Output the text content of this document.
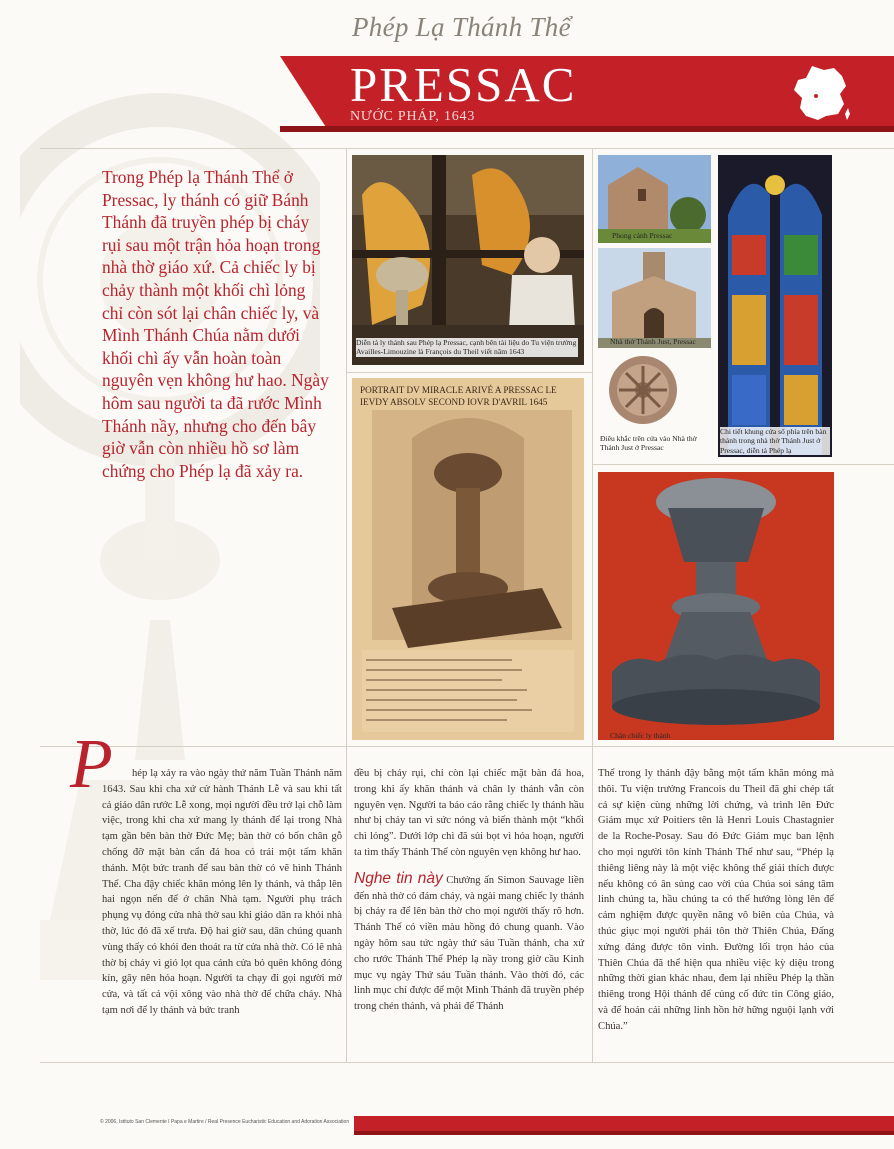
Phép Lạ Thánh Thể
PRESSAC
NƯỚC PHÁP, 1643

Trong Phép lạ Thánh Thể ở Pressac, ly thánh có giữ Bánh Thánh đã truyền phép bị cháy rụi sau một trận hỏa hoạn trong nhà thờ giáo xứ. Cả chiếc ly bị chảy thành một khối chì lỏng chỉ còn sót lại chân chiếc ly, và Mình Thánh Chúa nằm dưới khối chì ấy vẫn hoàn toàn nguyên vẹn không hư hao. Ngày hôm sau người ta đã rước Mình Thánh nầy, nhưng cho đến bây giờ vẫn còn nhiều hồ sơ làm chứng cho Phép lạ đã xảy ra.

Diễn tả ly thánh sau Phép lạ Pressac, cạnh bên tài liệu do Tu viện trưởng Availles-Limouzine là François du Theil viết năm 1643
PORTRAIT DV MIRACLE ARIVÉ A PRESSAC LE
IEVDY ABSOLV SECOND IOVR D'AVRIL 1645
Phong cảnh Pressac
Nhà thờ Thánh Just, Pressac
Điêu khắc trên cửa vào Nhà thờ Thánh Just ở Pressac
Chi tiết khung cửa sổ phía trên bàn thánh trong nhà thờ Thánh Just ở Pressac, diễn tả Phép lạ
Chân chiếc ly thánh
P	hép lạ xảy ra vào ngày thứ năm Tuần Thánh năm 1643. Sau khi cha xứ cử hành Thánh Lễ và sau khi tất cả giáo dân rước Lễ xong, mọi người đều trở lại chỗ làm việc, trong khi cha xứ mang ly thánh để lại trong Nhà tạm gần bên bàn thờ Đức Mẹ; bàn thờ có bốn chân gỗ chống đỡ mặt bàn cẩn đá hoa có trải một tấm khăn thánh. Một bức tranh để sau bàn thờ có vẽ hình Thánh Thể. Cha đậy chiếc khăn mỏng lên ly thánh, và thắp lên hai ngọn nến để ở chân Nhà tạm. Người phụ trách phụng vụ đóng cửa nhà thờ sau khi giáo dân ra khỏi nhà thờ, lúc đó đã xế trưa. Độ hai giờ sau, dân chúng quanh vùng thấy có khói đen thoát ra từ cửa nhà thờ. Có lẽ nhà thờ bị cháy vì gió lọt qua cánh cửa bỏ quên không đóng kín, gây nên hỏa hoạn. Người ta chạy đi gọi người mở cửa, và tất cả vội xông vào nhà thờ để chữa cháy. Nhà tạm nơi để ly thánh và bức tranh

đều bị cháy rụi, chỉ còn lại chiếc mặt bàn đá hoa, trong khi ấy khăn thánh và chân ly thánh vẫn còn nguyên vẹn. Người ta báo cáo rằng chiếc ly thánh hầu như bị chảy tan vì sức nóng và biến thành một “khối chì lỏng”. Dưới lớp chì đã sủi bọt vì hỏa hoạn, người ta tìm thấy Thánh Thể còn nguyên vẹn không hư hao.

Nghe tin này Chưởng ấn Simon Sauvage liền đến nhà thờ có đám cháy, và ngài mang chiếc ly thánh bị chảy ra để lên bàn thờ cho mọi người thấy rõ hơn. Thánh Thể có viền màu hồng đỏ chung quanh. Vào ngày hôm sau tức ngày thứ sáu Tuần thánh, cha xứ cho rước Thánh Thể Phép lạ nầy trong giờ cầu Kinh mục vụ ngày Thứ sáu Tuần thánh. Vào thời đó, các linh mục chỉ được để một Mình Thánh đã truyền phép trong chén thánh, và phải để Thánh

Thể trong ly thánh đậy bằng một tấm khăn mỏng mà thôi. Tu viện trưởng Francois du Theil đã ghi chép tất cả sự kiện cùng những lời chứng, và trình lên Đức Giám mục xứ Poitiers tên là Henri Louis Chastagnier de la Roche-Posay. Sau đó Đức Giám mục ban lệnh cho mọi người tôn kính Thánh Thể như sau, “Phép lạ thiêng liêng này là một việc không thể giải thích được nếu không có ân sủng cao vời của Chúa soi sáng tâm linh chúng ta, hầu chúng ta có thể hướng lòng lên để cảm nghiệm được quyền năng vô biên của Chúa, và thúc giục mọi người phải tôn thờ Thiên Chúa, Đấng xứng đáng được tôn vinh. Đường lối trọn hảo của Thiên Chúa đã thể hiện qua nhiều việc kỳ diệu trong những thời gian khác nhau, đem lại nhiều Phép lạ thần thiêng trong Hội thánh để củng cố đức tin Công giáo, và để hoán cải những linh hồn hờ hững nguội lạnh với Chúa.”

© 2006, Istituto San Clemente I Papa e Martire / Real Presence Eucharistic Education and Adoration Association
